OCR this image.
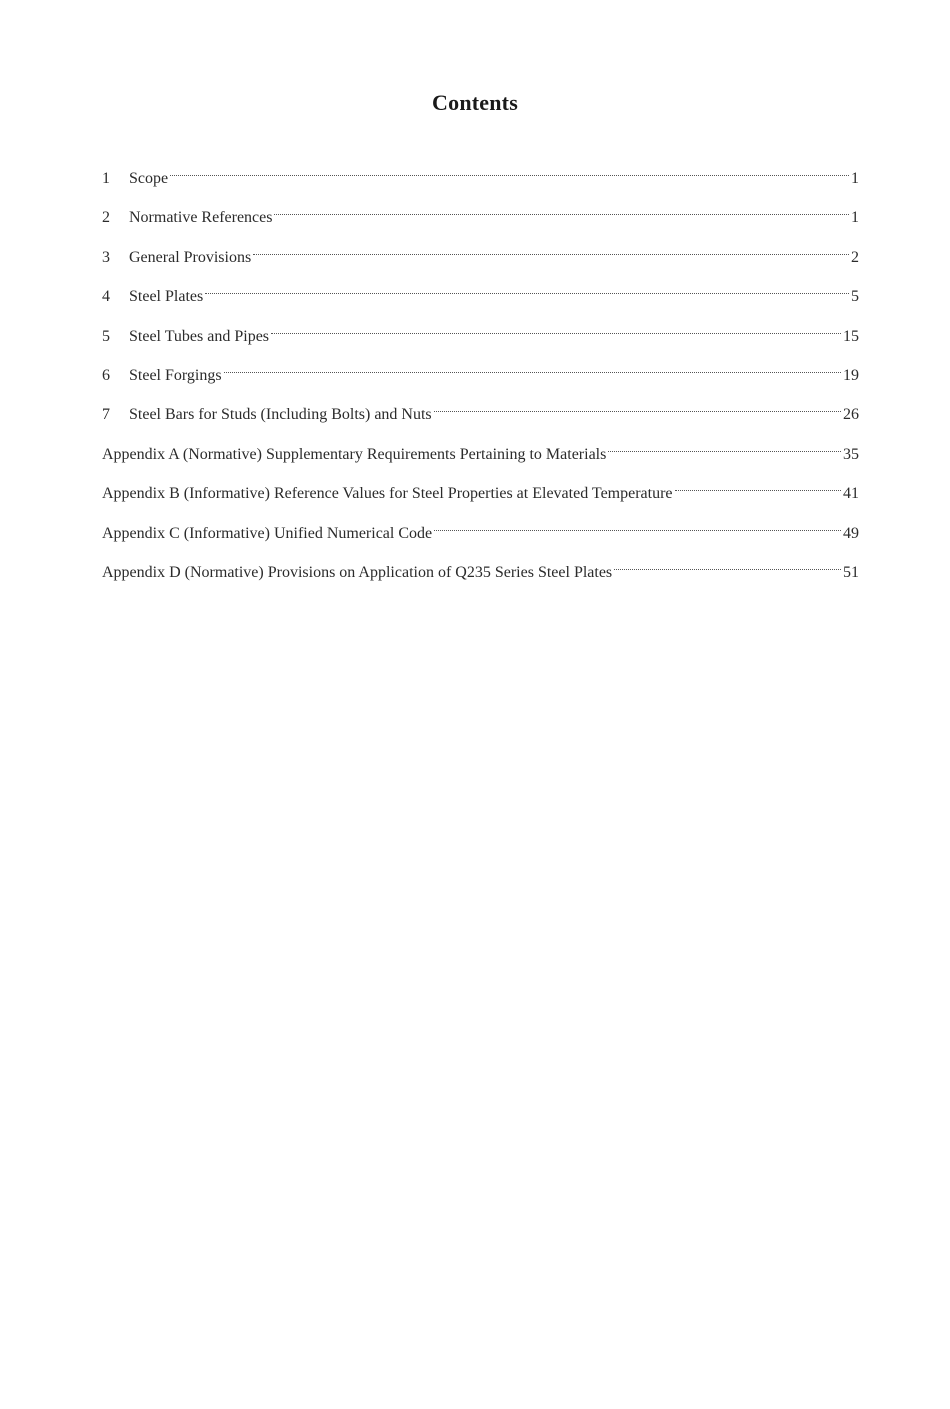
Contents
1	Scope	1
2	Normative References	1
3	General Provisions	2
4	Steel Plates	5
5	Steel Tubes and Pipes	15
6	Steel Forgings	19
7	Steel Bars for Studs (Including Bolts) and Nuts	26
Appendix A (Normative) Supplementary Requirements Pertaining to Materials	35
Appendix B (Informative) Reference Values for Steel Properties at Elevated Temperature	41
Appendix C (Informative) Unified Numerical Code	49
Appendix D (Normative) Provisions on Application of Q235 Series Steel Plates	51
